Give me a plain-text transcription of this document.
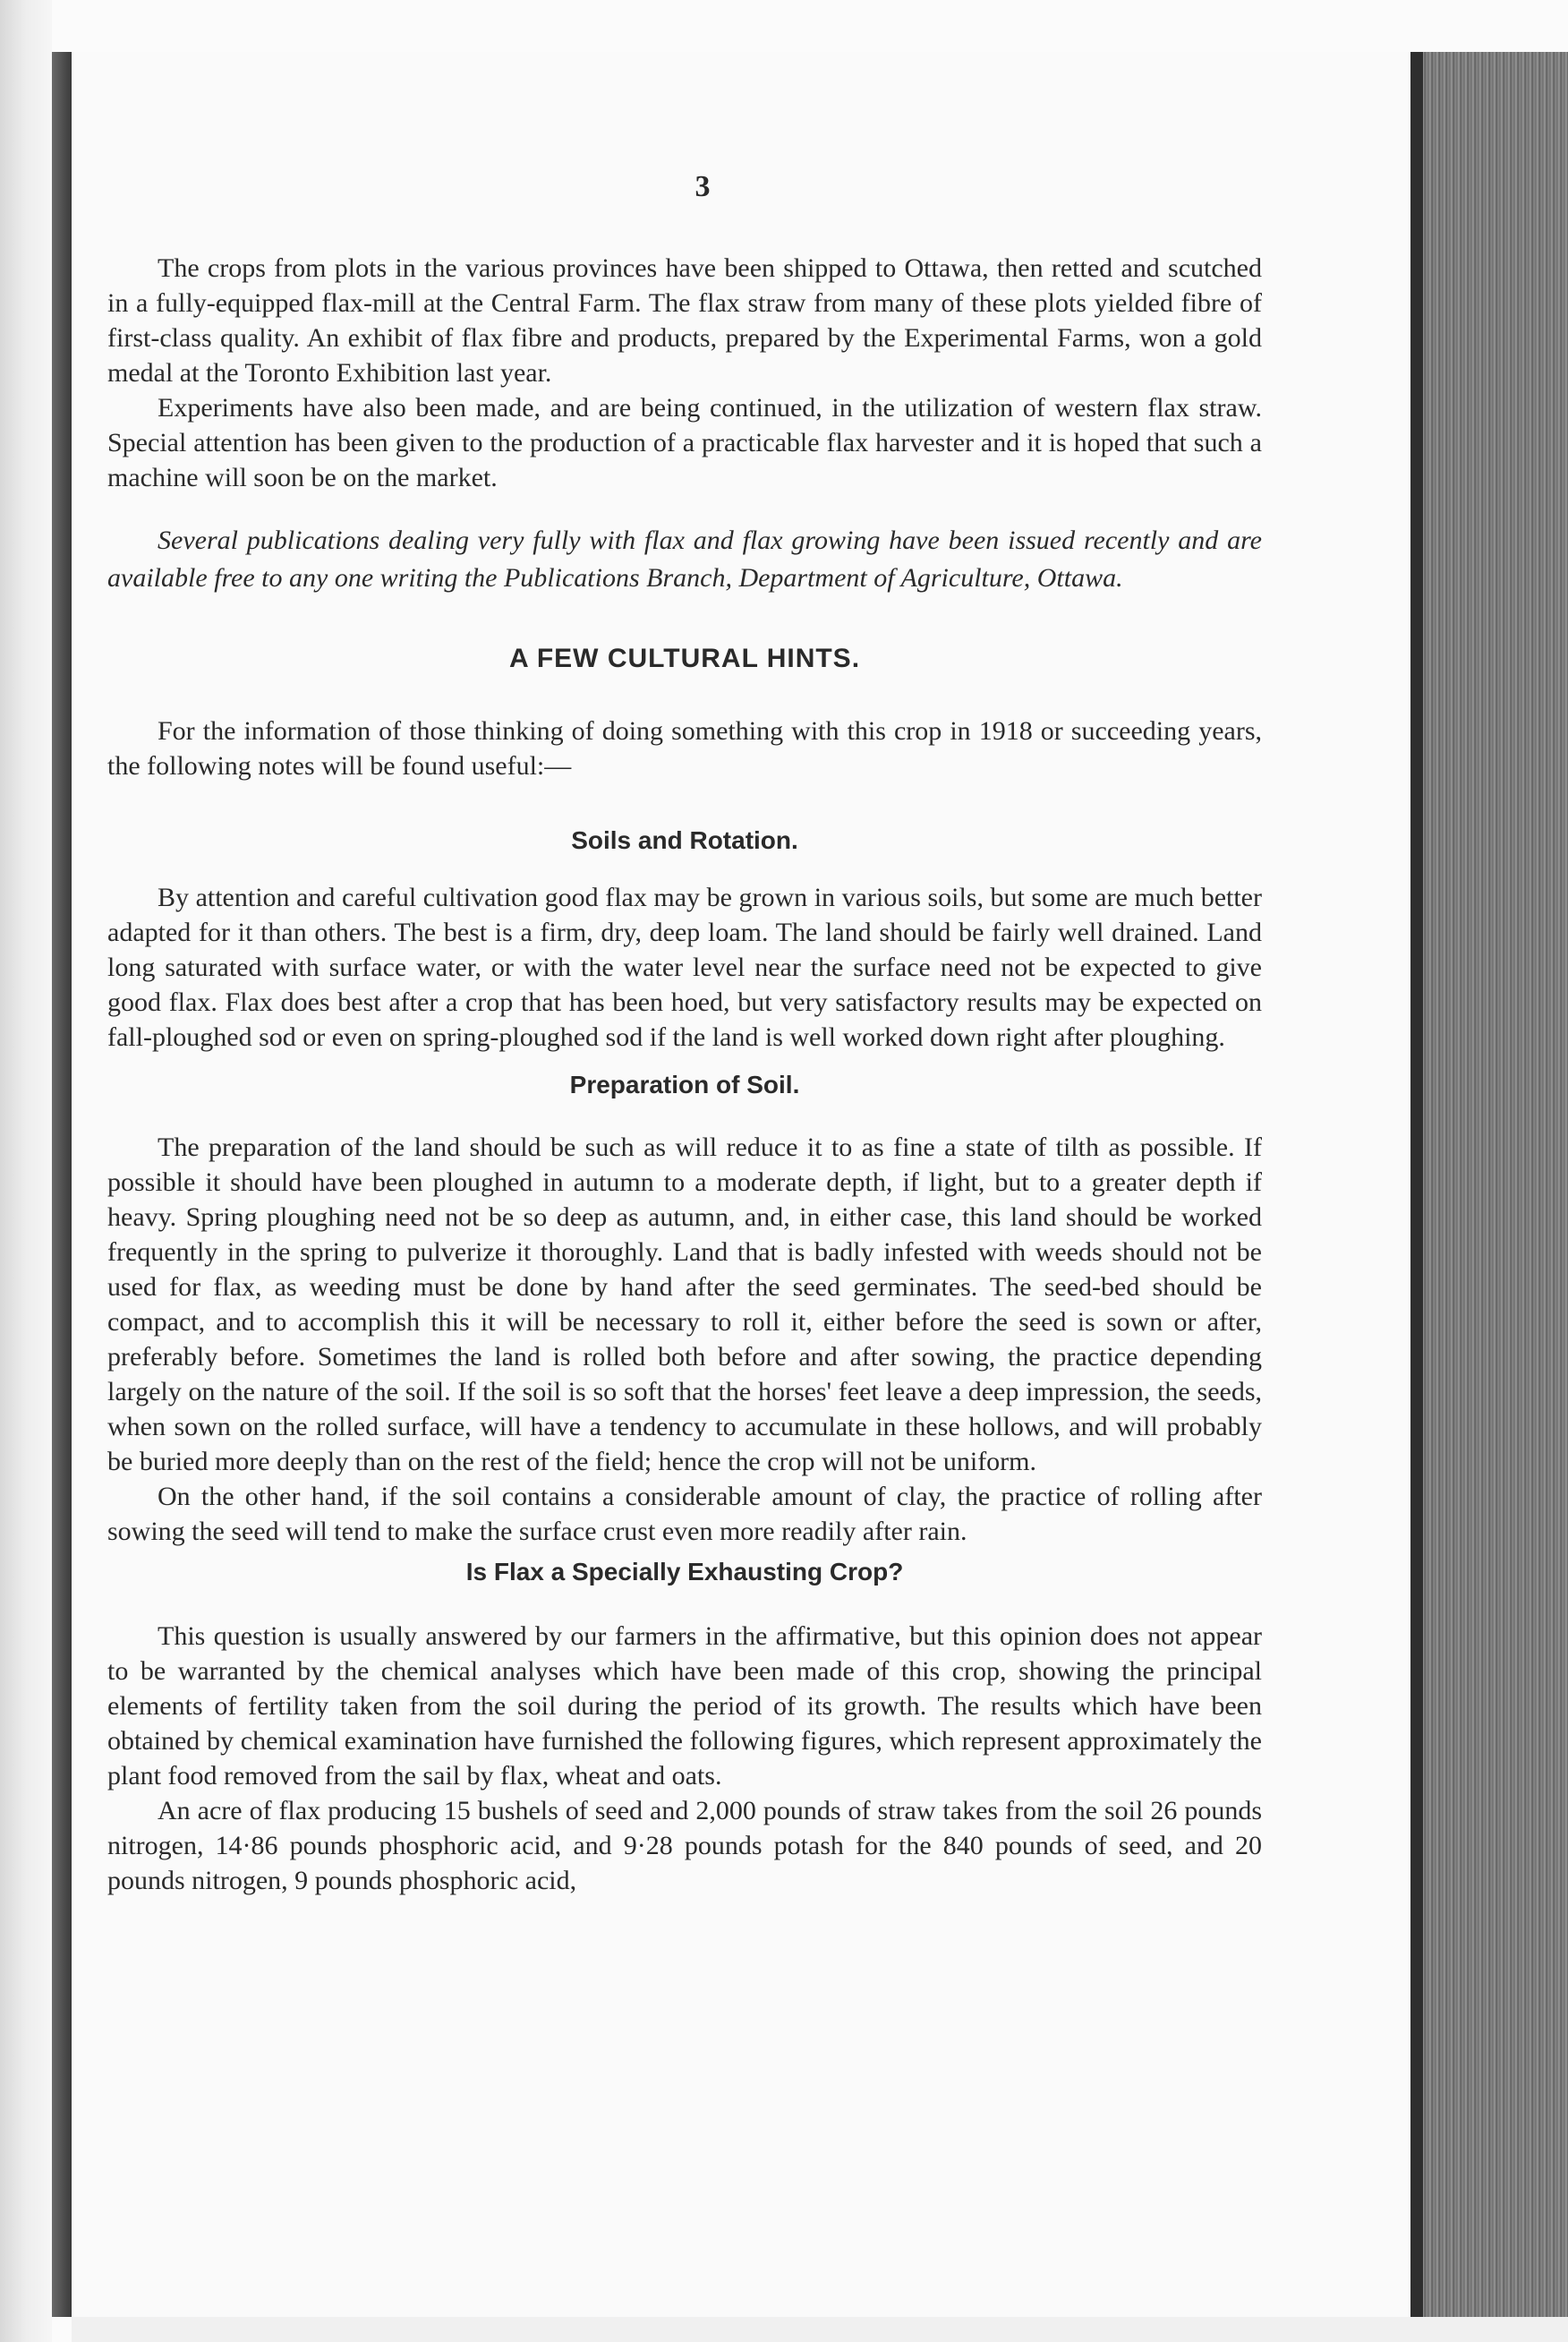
3

The crops from plots in the various provinces have been shipped to Ottawa, then retted and scutched in a fully-equipped flax-mill at the Central Farm. The flax straw from many of these plots yielded fibre of first-class quality. An exhibit of flax fibre and products, prepared by the Experimental Farms, won a gold medal at the Toronto Exhibition last year.

Experiments have also been made, and are being continued, in the utilization of western flax straw. Special attention has been given to the production of a practicable flax harvester and it is hoped that such a machine will soon be on the market.

Several publications dealing very fully with flax and flax growing have been issued recently and are available free to any one writing the Publications Branch, Department of Agriculture, Ottawa.

A FEW CULTURAL HINTS.

For the information of those thinking of doing something with this crop in 1918 or succeeding years, the following notes will be found useful:—

Soils and Rotation.

By attention and careful cultivation good flax may be grown in various soils, but some are much better adapted for it than others. The best is a firm, dry, deep loam. The land should be fairly well drained. Land long saturated with surface water, or with the water level near the surface need not be expected to give good flax. Flax does best after a crop that has been hoed, but very satisfactory results may be expected on fall-ploughed sod or even on spring-ploughed sod if the land is well worked down right after ploughing.

Preparation of Soil.

The preparation of the land should be such as will reduce it to as fine a state of tilth as possible. If possible it should have been ploughed in autumn to a moderate depth, if light, but to a greater depth if heavy. Spring ploughing need not be so deep as autumn, and, in either case, this land should be worked frequently in the spring to pulverize it thoroughly. Land that is badly infested with weeds should not be used for flax, as weeding must be done by hand after the seed germinates. The seed-bed should be compact, and to accomplish this it will be necessary to roll it, either before the seed is sown or after, preferably before. Sometimes the land is rolled both before and after sowing, the practice depending largely on the nature of the soil. If the soil is so soft that the horses' feet leave a deep impression, the seeds, when sown on the rolled surface, will have a tendency to accumulate in these hollows, and will probably be buried more deeply than on the rest of the field; hence the crop will not be uniform.

On the other hand, if the soil contains a considerable amount of clay, the practice of rolling after sowing the seed will tend to make the surface crust even more readily after rain.

Is Flax a Specially Exhausting Crop?

This question is usually answered by our farmers in the affirmative, but this opinion does not appear to be warranted by the chemical analyses which have been made of this crop, showing the principal elements of fertility taken from the soil during the period of its growth. The results which have been obtained by chemical examination have furnished the following figures, which represent approximately the plant food removed from the sail by flax, wheat and oats.

An acre of flax producing 15 bushels of seed and 2,000 pounds of straw takes from the soil 26 pounds nitrogen, 14·86 pounds phosphoric acid, and 9·28 pounds potash for the 840 pounds of seed, and 20 pounds nitrogen, 9 pounds phosphoric acid,
